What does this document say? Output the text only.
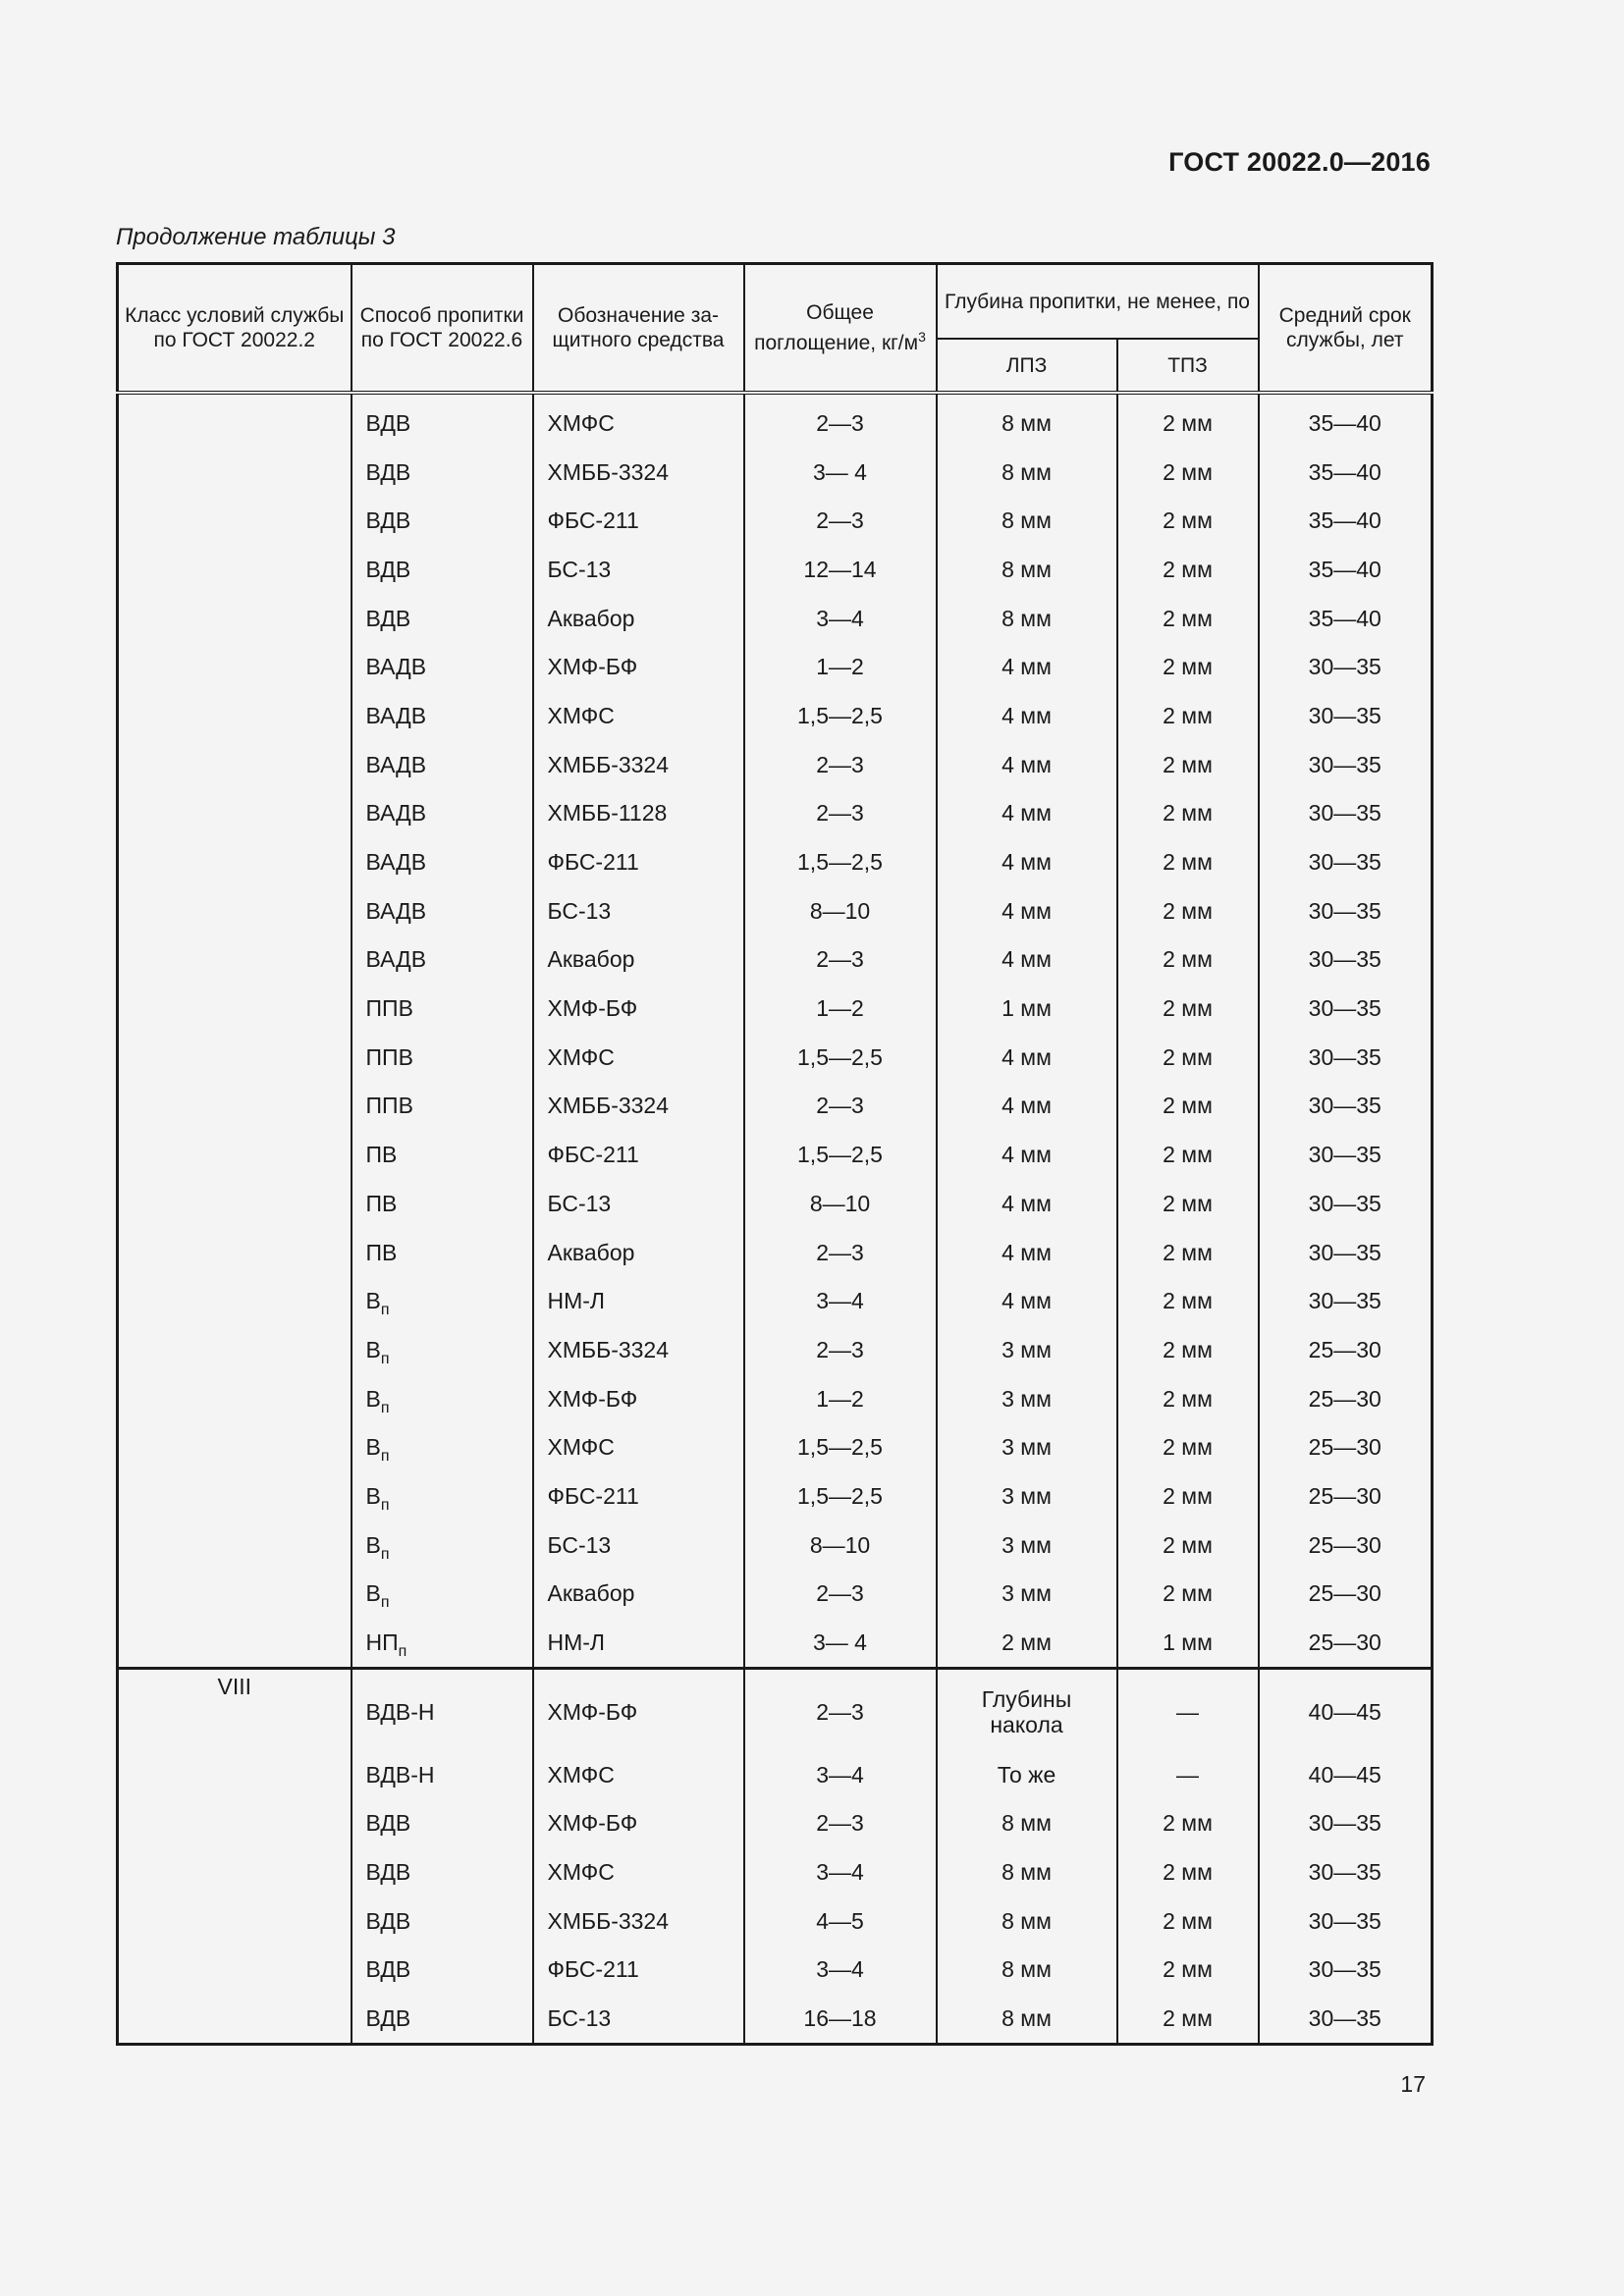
ГОСТ 20022.0—2016
Продолжение таблицы 3
Класс условий службы по ГОСТ 20022.2	Способ пропитки по ГОСТ 20022.6	Обозначение за-щитного средства	Общее поглощение, $кг/м^3$	Глубина пропитки, не менее, по		Средний срок службы, лет
				ЛПЗ	ТПЗ	
	ВДВ	ХМФС	2—3	8 мм	2 мм	35—40
	ВДВ	ХМББ-3324	3— 4	8 мм	2 мм	35—40
	ВДВ	ФБС-211	2—3	8 мм	2 мм	35—40
	ВДВ	БС-13	12—14	8 мм	2 мм	35—40
	ВДВ	Аквабор	3—4	8 мм	2 мм	35—40
	ВАДВ	ХМФ-БФ	1—2	4 мм	2 мм	30—35
	ВАДВ	ХМФС	1,5—2,5	4 мм	2 мм	30—35
	ВАДВ	ХМББ-3324	2—3	4 мм	2 мм	30—35
	ВАДВ	ХМББ-1128	2—3	4 мм	2 мм	30—35
	ВАДВ	ФБС-211	1,5—2,5	4 мм	2 мм	30—35
	ВАДВ	БС-13	8—10	4 мм	2 мм	30—35
	ВАДВ	Аквабор	2—3	4 мм	2 мм	30—35
	ППВ	ХМФ-БФ	1—2	1 мм	2 мм	30—35
	ППВ	ХМФС	1,5—2,5	4 мм	2 мм	30—35
	ППВ	ХМББ-3324	2—3	4 мм	2 мм	30—35
	ПВ	ФБС-211	1,5—2,5	4 мм	2 мм	30—35
	ПВ	БС-13	8—10	4 мм	2 мм	30—35
	ПВ	Аквабор	2—3	4 мм	2 мм	30—35
	$В_п$	НМ-Л	3—4	4 мм	2 мм	30—35
	$В_п$	ХМББ-3324	2—3	3 мм	2 мм	25—30
	$В_п$	ХМФ-БФ	1—2	3 мм	2 мм	25—30
	$В_п$	ХМФС	1,5—2,5	3 мм	2 мм	25—30
	$В_п$	ФБС-211	1,5—2,5	3 мм	2 мм	25—30
	$В_п$	БС-13	8—10	3 мм	2 мм	25—30
	$В_п$	Аквабор	2—3	3 мм	2 мм	25—30
	$НП_п$	НМ-Л	3— 4	2 мм	1 мм	25—30
VIII	ВДВ-Н	ХМФ-БФ	2—3	Глубины накола	—	40—45
	ВДВ-Н	ХМФС	3—4	То же	—	40—45
	ВДВ	ХМФ-БФ	2—3	8 мм	2 мм	30—35
	ВДВ	ХМФС	3—4	8 мм	2 мм	30—35
	ВДВ	ХМББ-3324	4—5	8 мм	2 мм	30—35
	ВДВ	ФБС-211	3—4	8 мм	2 мм	30—35
	ВДВ	БС-13	16—18	8 мм	2 мм	30—35
17
